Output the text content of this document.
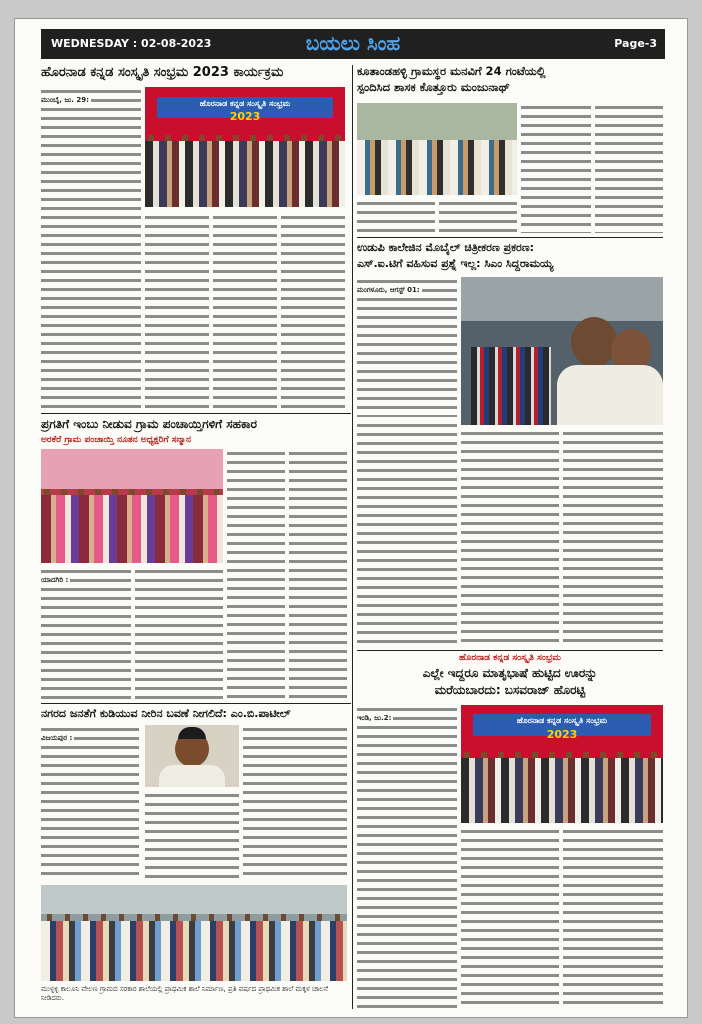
WEDNESDAY : 02-08-2023	ಬಯಲು ಸಿಂಹ	Page-3
ಹೊರನಾಡ ಕನ್ನಡ ಸಂಸ್ಕೃತಿ ಸಂಭ್ರಮ 2023 ಕಾರ್ಯಕ್ರಮ
ಮುಂಬೈ, ಜು. 29:	ಹೊರನಾಡ ಕನ್ನಡ ಸಂಸ್ಕೃತಿ ಸಂಭ್ರಮ
2023
ಪ್ರಗತಿಗೆ ಇಂಬು ನೀಡುವ ಗ್ರಾಮ ಪಂಚಾಯ್ತಿಗಳಿಗೆ ಸಹಕಾರ
ಅರಕೆರೆ ಗ್ರಾಮ ಪಂಚಾಯ್ತಿ ನೂತನ ಅಧ್ಯಕ್ಷರಿಗೆ ಸನ್ಮಾನ
ಯಾದಗಿರಿ :
ನಗರದ ಜನತೆಗೆ ಕುಡಿಯುವ ನೀರಿನ ಬವಣೆ ನೀಗಲಿದೆ: ಎಂ.ಬಿ.ಪಾಟೀಲ್
ವಿಜಯಪುರ :
ಮುಳ್ಳಳ್ಳಿ ಕಾಲೂನಿ ವೇಲಣ ಗ್ರಾಮದ ಸರಕಾರ ಶಾಲೆಯಲ್ಲಿ ಪ್ರಾಥಮಿಕ ಶಾಲೆ ನಿರ್ಮಾಣ, ಪ್ರತಿ ವರ್ಷದ ಪ್ರಾಥಮಿಕ ಶಾಲೆ ಮಕ್ಕಳ ಚಾಲನೆ ನೀಡಿದರು.
ಕೂತಾಂಡಹಳ್ಳಿ ಗ್ರಾಮಸ್ಥರ ಮನವಿಗೆ 24 ಗಂಟೆಯಲ್ಲಿ
ಸ್ಪಂದಿಸಿದ ಶಾಸಕ ಕೊತ್ತೂರು ಮಂಜುನಾಥ್
ಉಡುಪಿ ಕಾಲೇಜಿನ ಮೊಬೈಲ್ ಚಿತ್ರೀಕರಣ ಪ್ರಕರಣ:
ಎಸ್.ಐ.ಟಿಗೆ ವಹಿಸುವ ಪ್ರಶ್ನೆ ಇಲ್ಲ: ಸಿಎಂ ಸಿದ್ದರಾಮಯ್ಯ
ಮಂಗಳೂರು, ಆಗಸ್ಟ್ 01:
ಹೊರನಾಡ ಕನ್ನಡ ಸಂಸ್ಕೃತಿ ಸಂಭ್ರಮ
ಎಲ್ಲೇ ಇದ್ದರೂ ಮಾತೃಭಾಷೆ ಹುಟ್ಟಿದ ಊರನ್ನು
ಮರೆಯಬಾರದು: ಬಸವರಾಜ್ ಹೊರಟ್ಟಿ
ಇಂಡಿ, ಜು.2:	ಹೊರನಾಡ ಕನ್ನಡ ಸಂಸ್ಕೃತಿ ಸಂಭ್ರಮ
2023
